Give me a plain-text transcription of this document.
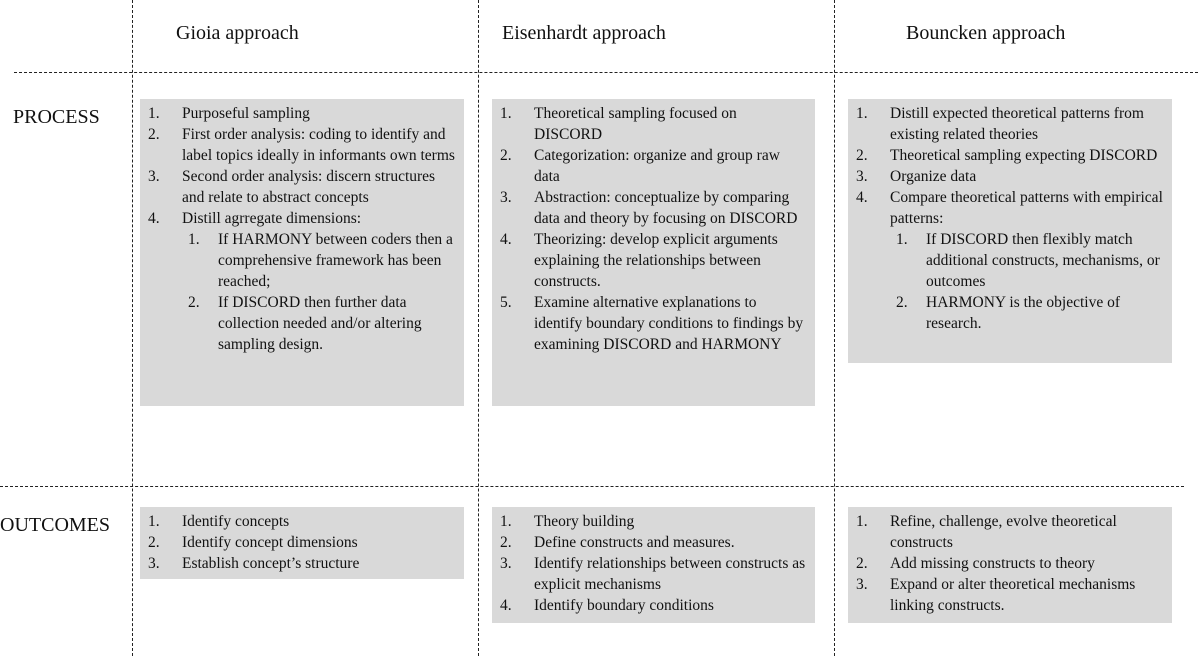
Gioia approach	Eisenhardt approach	Bouncken approach
PROCESS
OUTCOMES
1. Purposeful sampling
2. First order analysis: coding to identify and label topics ideally in informants own terms
3. Second order analysis: discern structures and relate to abstract concepts
4. Distill agrregate dimensions:
1. If HARMONY between coders then a comprehensive framework has been reached;
2. If DISCORD then further data collection needed and/or altering sampling design.
1. Theoretical sampling focused on DISCORD
2. Categorization: organize and group raw data
3. Abstraction: conceptualize by comparing data and theory by focusing on DISCORD
4. Theorizing: develop explicit arguments explaining the relationships between constructs.
5. Examine alternative explanations to identify boundary conditions to findings by examining DISCORD and HARMONY
1. Distill expected theoretical patterns from existing related theories
2. Theoretical sampling expecting DISCORD
3. Organize data
4. Compare theoretical patterns with empirical patterns:
1. If DISCORD then flexibly match additional constructs, mechanisms, or outcomes
2. HARMONY is the objective of research.
1. Identify concepts
2. Identify concept dimensions
3. Establish concept’s structure
1. Theory building
2. Define constructs and measures.
3. Identify relationships between constructs as explicit mechanisms
4. Identify boundary conditions
1. Refine, challenge, evolve theoretical constructs
2. Add missing constructs to theory
3. Expand or alter theoretical mechanisms linking constructs.
